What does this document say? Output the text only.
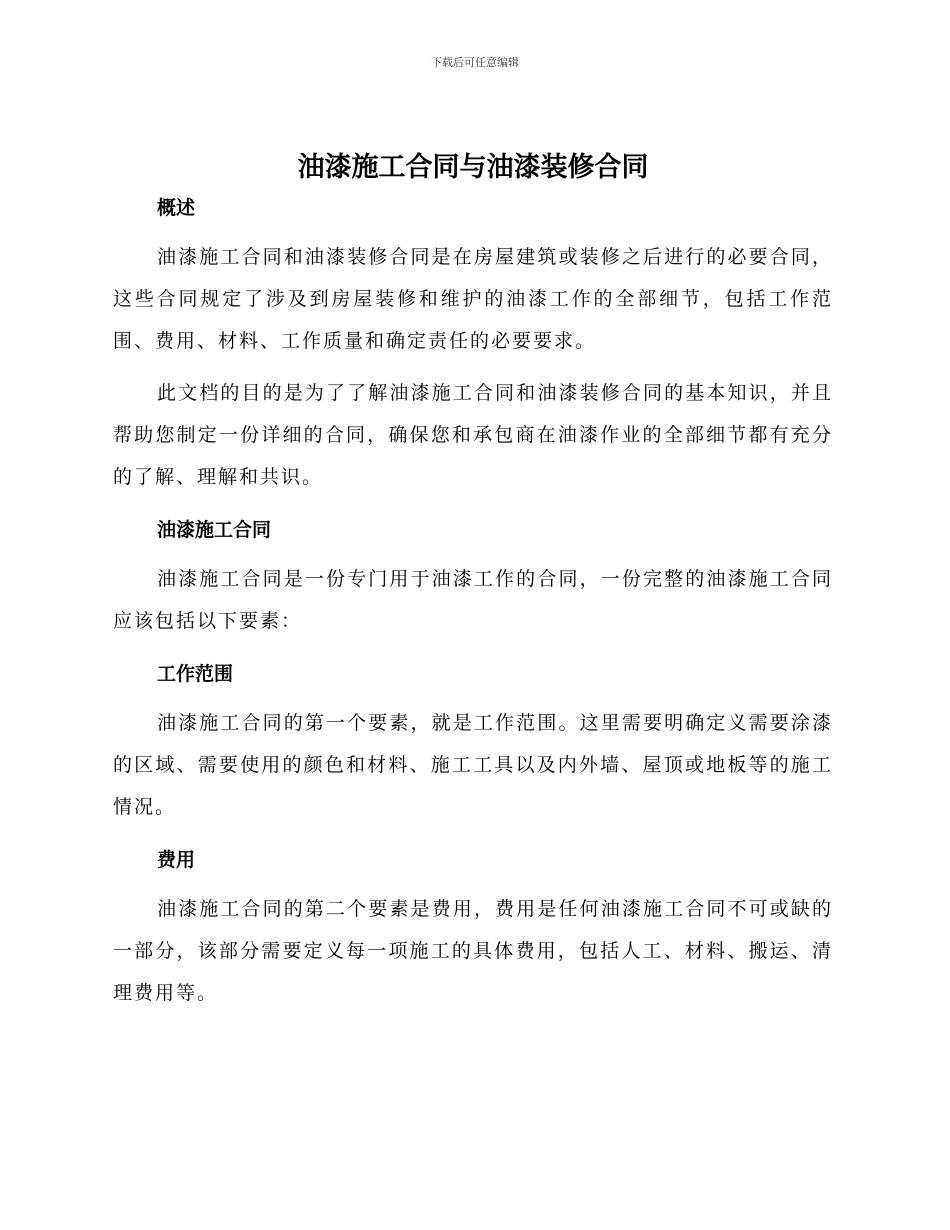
下载后可任意编辑
油漆施工合同与油漆装修合同
概述

油漆施工合同和油漆装修合同是在房屋建筑或装修之后进行的必要合同，这些合同规定了涉及到房屋装修和维护的油漆工作的全部细节，包括工作范围、费用、材料、工作质量和确定责任的必要要求。

此文档的目的是为了了解油漆施工合同和油漆装修合同的基本知识，并且帮助您制定一份详细的合同，确保您和承包商在油漆作业的全部细节都有充分的了解、理解和共识。

油漆施工合同

油漆施工合同是一份专门用于油漆工作的合同，一份完整的油漆施工合同应该包括以下要素：

工作范围

油漆施工合同的第一个要素，就是工作范围。这里需要明确定义需要涂漆的区域、需要使用的颜色和材料、施工工具以及内外墙、屋顶或地板等的施工情况。

费用

油漆施工合同的第二个要素是费用，费用是任何油漆施工合同不可或缺的一部分，该部分需要定义每一项施工的具体费用，包括人工、材料、搬运、清理费用等。
